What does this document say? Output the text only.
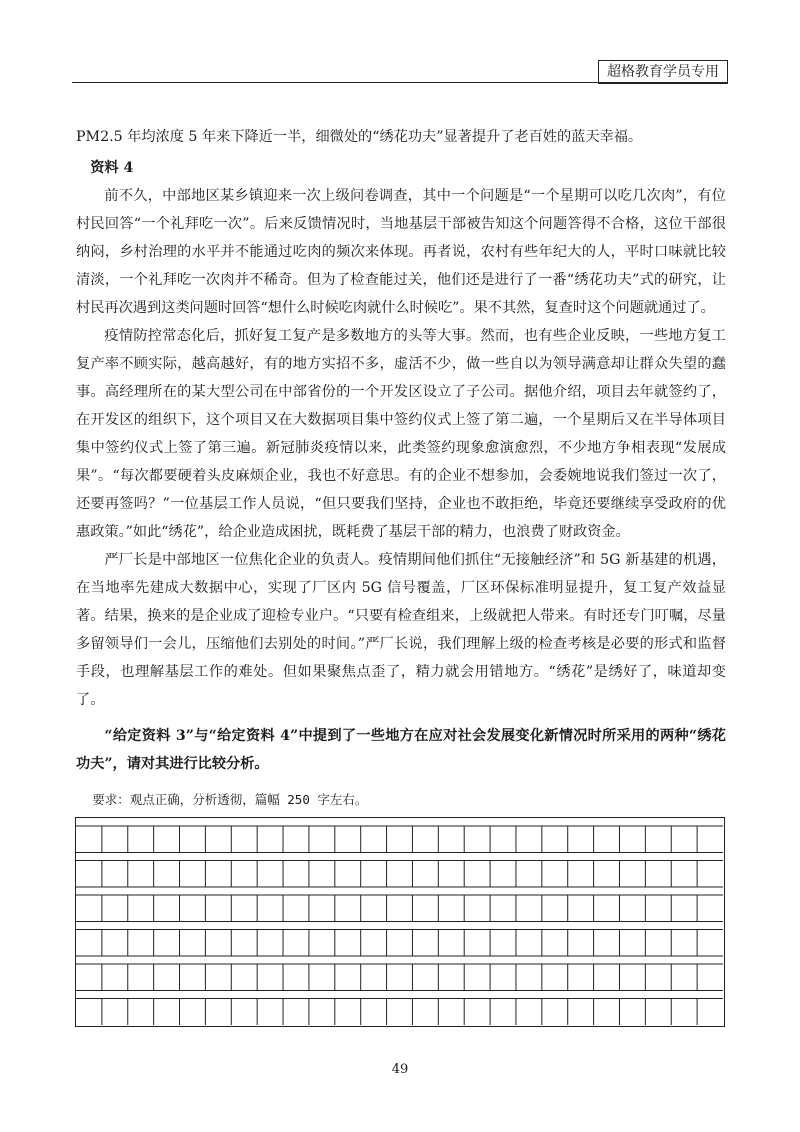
超格教育学员专用

PM2.5 年均浓度 5 年来下降近一半，细微处的“绣花功夫”显著提升了老百姓的蓝天幸福。

资料 4

前不久，中部地区某乡镇迎来一次上级问卷调查，其中一个问题是“一个星期可以吃几次肉”，有位村民回答“一个礼拜吃一次”。后来反馈情况时，当地基层干部被告知这个问题答得不合格，这位干部很纳闷，乡村治理的水平并不能通过吃肉的频次来体现。再者说，农村有些年纪大的人，平时口味就比较清淡，一个礼拜吃一次肉并不稀奇。但为了检查能过关，他们还是进行了一番“绣花功夫”式的研究，让村民再次遇到这类问题时回答“想什么时候吃肉就什么时候吃”。果不其然，复查时这个问题就通过了。

疫情防控常态化后，抓好复工复产是多数地方的头等大事。然而，也有些企业反映，一些地方复工复产率不顾实际，越高越好，有的地方实招不多，虚活不少，做一些自以为领导满意却让群众失望的蠢事。高经理所在的某大型公司在中部省份的一个开发区设立了子公司。据他介绍，项目去年就签约了，在开发区的组织下，这个项目又在大数据项目集中签约仪式上签了第二遍，一个星期后又在半导体项目集中签约仪式上签了第三遍。新冠肺炎疫情以来，此类签约现象愈演愈烈，不少地方争相表现“发展成果”。“每次都要硬着头皮麻烦企业，我也不好意思。有的企业不想参加，会委婉地说我们签过一次了，还要再签吗？”一位基层工作人员说，“但只要我们坚持，企业也不敢拒绝，毕竟还要继续享受政府的优惠政策。”如此“绣花”，给企业造成困扰，既耗费了基层干部的精力，也浪费了财政资金。

严厂长是中部地区一位焦化企业的负责人。疫情期间他们抓住“无接触经济”和 5G 新基建的机遇，在当地率先建成大数据中心，实现了厂区内 5G 信号覆盖，厂区环保标准明显提升，复工复产效益显著。结果，换来的是企业成了迎检专业户。“只要有检查组来，上级就把人带来。有时还专门叮嘱，尽量多留领导们一会儿，压缩他们去别处的时间。”严厂长说，我们理解上级的检查考核是必要的形式和监督手段，也理解基层工作的难处。但如果聚焦点歪了，精力就会用错地方。“绣花”是绣好了，味道却变了。

“给定资料 3”与“给定资料 4”中提到了一些地方在应对社会发展变化新情况时所采用的两种“绣花功夫”，请对其进行比较分析。

要求：观点正确，分析透彻，篇幅 250 字左右。

49
